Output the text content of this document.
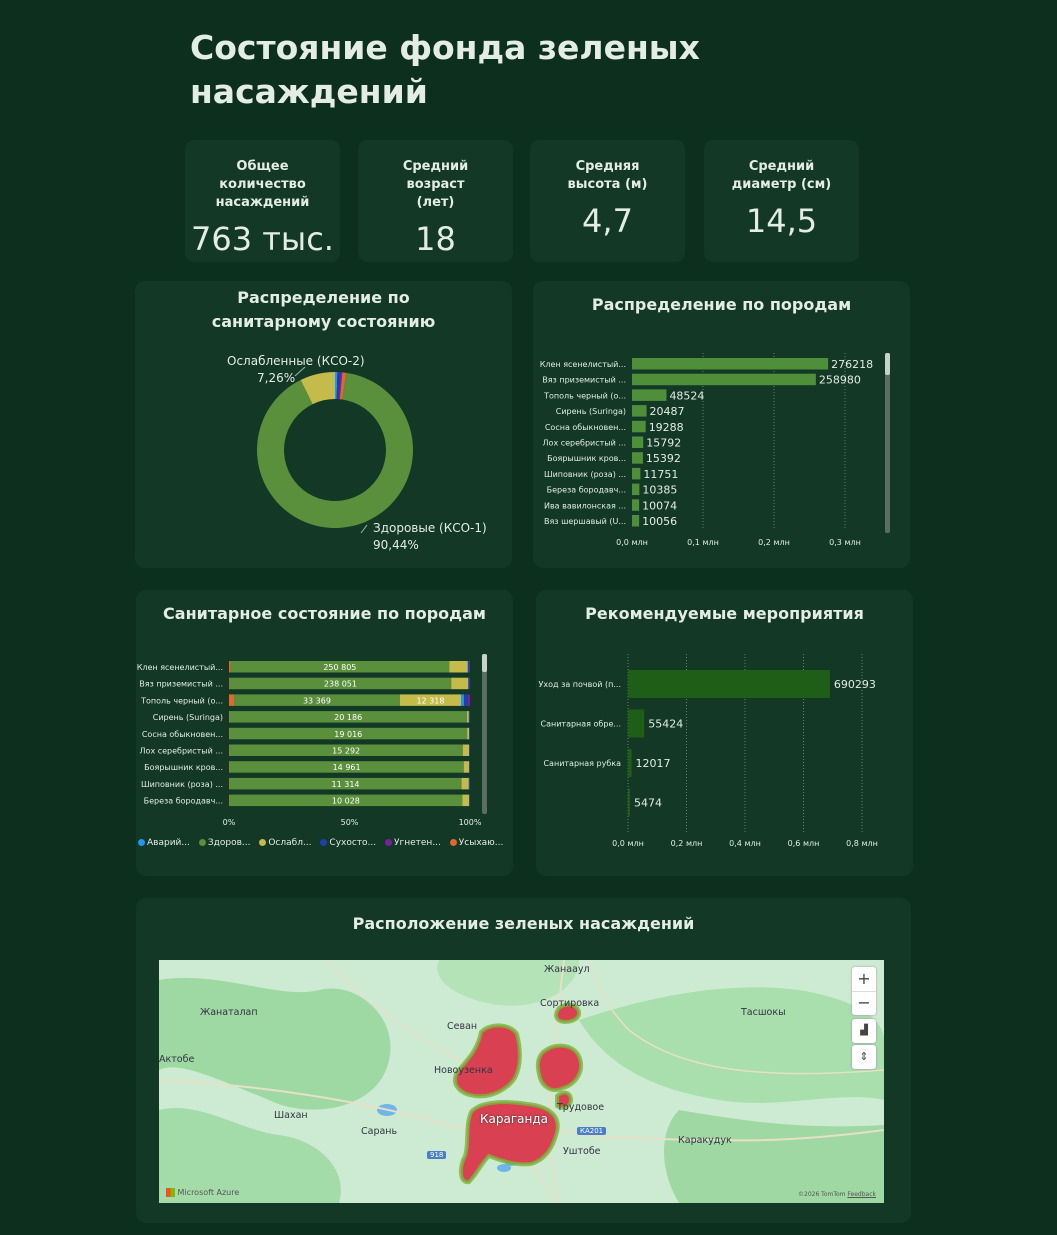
Состояние фонда зеленых насаждений
Общее количество насаждений
763 тыс.
Средний возраст (лет)
18
Средняя высота (м)
4,7
Средний диаметр (см)
14,5
Распределение по санитарному состоянию
Ослабленные (КСО-2)
7,26%
Здоровые (КСО-1)
90,44%
Распределение по породам
0,0 млн	0,1 млн	0,2 млн	0,3 млн
Клен ясенелистый...	276218
Вяз приземистый ...	258980
Тополь черный (о...	48524
Сирень (Suringa) 20487
Сосна обыкновен... 19288
Лох серебристый ... 15792
Боярышник кров... 15392
Шиповник (роза) ... 11751
Береза бородавч... 10385
Ива вавилонская ... 10074
Вяз шершавый (U... 10056
Санитарное состояние по породам
0%	50%	100%
Клен ясенелистый...	250 805
Вяз приземистый ...	238 051
Тополь черный (о...	33 369	12 318
Сирень (Suringa)	20 186
Сосна обыкновен...	19 016
Лох серебристый ...	15 292
Боярышник кров...	14 961
Шиповник (роза) ...	11 314
Береза бородавч...	10 028
Аварий... Здоров... Ослабл... Сухосто... Угнетен... Усыхаю...
Рекомендуемые мероприятия
0,0 млн	0,2 млн	0,4 млн	0,6 млн	0,8 млн
Уход за почвой (п...	690293
Санитарная обре... 55424
Санитарная рубка 12017
5474
Расположение зеленых насаждений
Жанаталап
Актобе
Шахан
Сарань
Севан
Новоузенка
Караганда
Трудовое
Уштобе
Сортировка
Жанааул
Тасшокы
Каракудук
КА201
918
+
−
▟
⇕
Microsoft Azure	©2026 TomTom Feedback
